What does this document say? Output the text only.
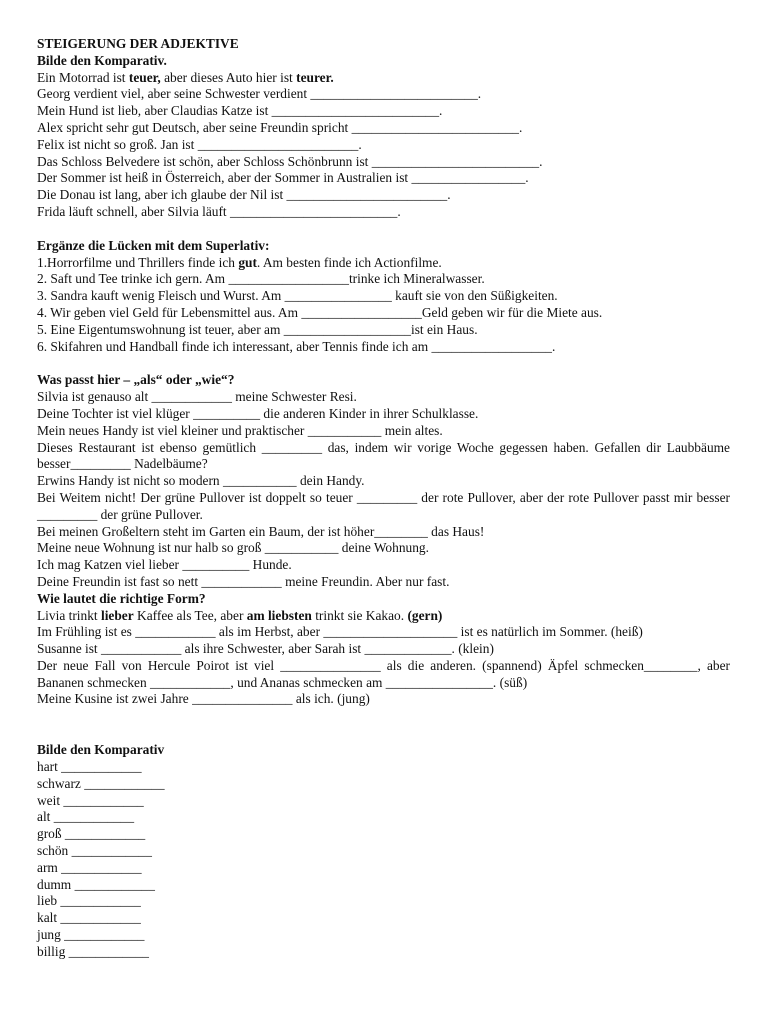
STEIGERUNG DER ADJEKTIVE

Bilde den Komparativ.

Ein Motorrad ist teuer, aber dieses Auto hier ist teurer.

Georg verdient viel, aber seine Schwester verdient _________________________.

Mein Hund ist lieb, aber Claudias Katze ist _________________________.

Alex spricht sehr gut Deutsch, aber seine Freundin spricht _________________________.

Felix ist nicht so groß. Jan ist ________________________.

Das Schloss Belvedere ist schön, aber Schloss Schönbrunn ist _________________________.

Der Sommer ist heiß in Österreich, aber der Sommer in Australien ist _________________.

Die Donau ist lang, aber ich glaube der Nil ist ________________________.

Frida läuft schnell, aber Silvia läuft _________________________.

Ergänze die Lücken mit dem Superlativ:

1.Horrorfilme und Thrillers finde ich gut. Am besten finde ich Actionfilme.

2. Saft und Tee trinke ich gern. Am __________________trinke ich Mineralwasser.

3. Sandra kauft wenig Fleisch und Wurst. Am ________________ kauft sie von den Süßigkeiten.

4. Wir geben viel Geld für Lebensmittel aus. Am __________________Geld geben wir für die Miete aus.

5. Eine Eigentumswohnung ist teuer, aber am ___________________ist ein Haus.

6. Skifahren und Handball finde ich interessant, aber Tennis finde ich am __________________.

Was passt hier – „als“ oder „wie“?

Silvia ist genauso alt ____________ meine Schwester Resi.

Deine Tochter ist viel klüger __________ die anderen Kinder in ihrer Schulklasse.

Mein neues Handy ist viel kleiner und praktischer ___________ mein altes.

Dieses Restaurant ist ebenso gemütlich _________ das, indem wir vorige Woche gegessen haben. Gefallen dir Laubbäume besser_________ Nadelbäume?

Erwins Handy ist nicht so modern ___________ dein Handy.

Bei Weitem nicht! Der grüne Pullover ist doppelt so teuer _________ der rote Pullover, aber der rote Pullover passt mir besser _________ der grüne Pullover.

Bei meinen Großeltern steht im Garten ein Baum, der ist höher________ das Haus!

Meine neue Wohnung ist nur halb so groß ___________ deine Wohnung.

Ich mag Katzen viel lieber __________ Hunde.

Deine Freundin ist fast so nett ____________ meine Freundin. Aber nur fast.

Wie lautet die richtige Form?

Livia trinkt lieber Kaffee als Tee, aber am liebsten trinkt sie Kakao. (gern)

Im Frühling ist es ____________ als im Herbst, aber ____________________ ist es natürlich im Sommer. (heiß)

Susanne ist ____________ als ihre Schwester, aber Sarah ist _____________. (klein)

Der neue Fall von Hercule Poirot ist viel _______________ als die anderen. (spannend) Äpfel schmecken________, aber Bananen schmecken ____________, und Ananas schmecken am ________________. (süß)

Meine Kusine ist zwei Jahre _______________ als ich. (jung)

Bilde den Komparativ

hart ____________

schwarz ____________

weit ____________

alt ____________

groß ____________

schön ____________

arm ____________

dumm ____________

lieb ____________

kalt ____________

jung ____________

billig ____________
